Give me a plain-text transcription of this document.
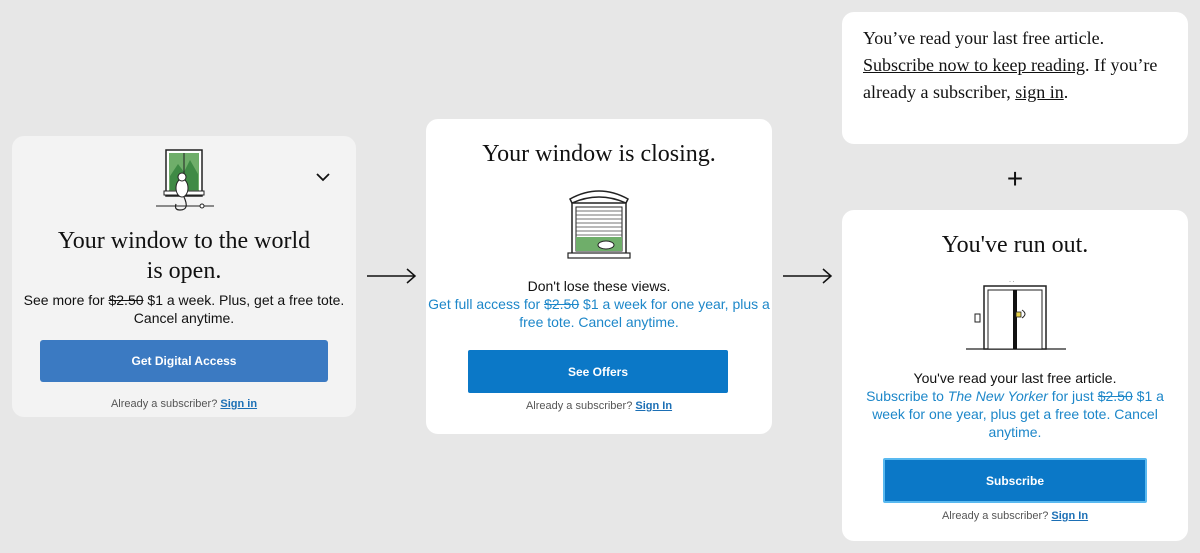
Your window to the world
is open.
See more for $2.50 $1 a week. Plus, get a free tote. Cancel anytime.
Get Digital Access
Already a subscriber? Sign in
Your window is closing.
Don't lose these views.
Get full access for $2.50 $1 a week for one year, plus a free tote. Cancel anytime.
See Offers
Already a subscriber? Sign In
You’ve read your last free article. Subscribe now to keep reading. If you’re already a subscriber, sign in.
+
You've run out.
· ·
You've read your last free article.
Subscribe to The New Yorker for just $2.50 $1 a week for one year, plus get a free tote. Cancel anytime.
Subscribe
Already a subscriber? Sign In
